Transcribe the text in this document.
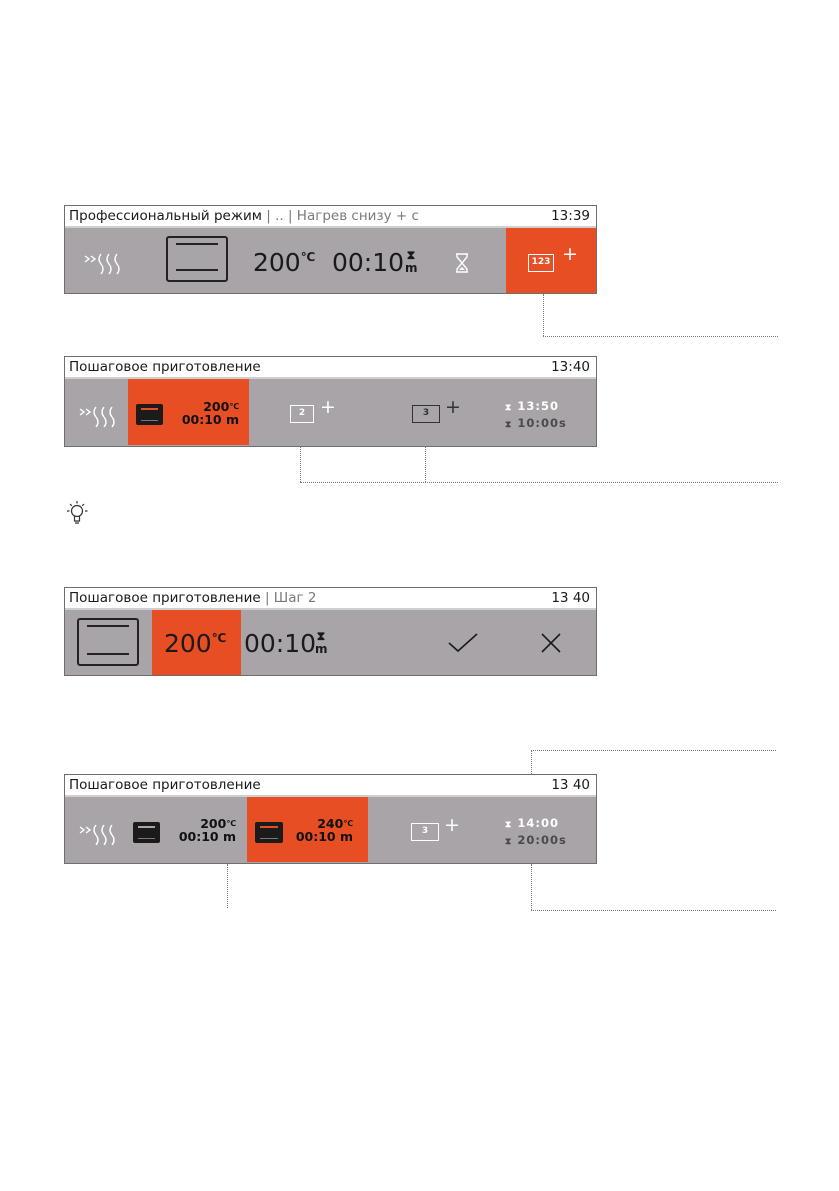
Профессиональный режим | .. | Нагрев снизу + с	13:39
200℃ 00:10 ⧗
m	123 +
Пошаговое приготовление	13:40
200℃
00:10 m	2 +	3 +	⧗ 13:50
⧗ 10:00s
Пошаговое приготовление | Шаг 2	13 40
200℃ 00:10 ⧗
m
Пошаговое приготовление	13 40
200℃
00:10 m
240℃
00:10 m	3 +	⧗ 14:00
⧗ 20:00s
